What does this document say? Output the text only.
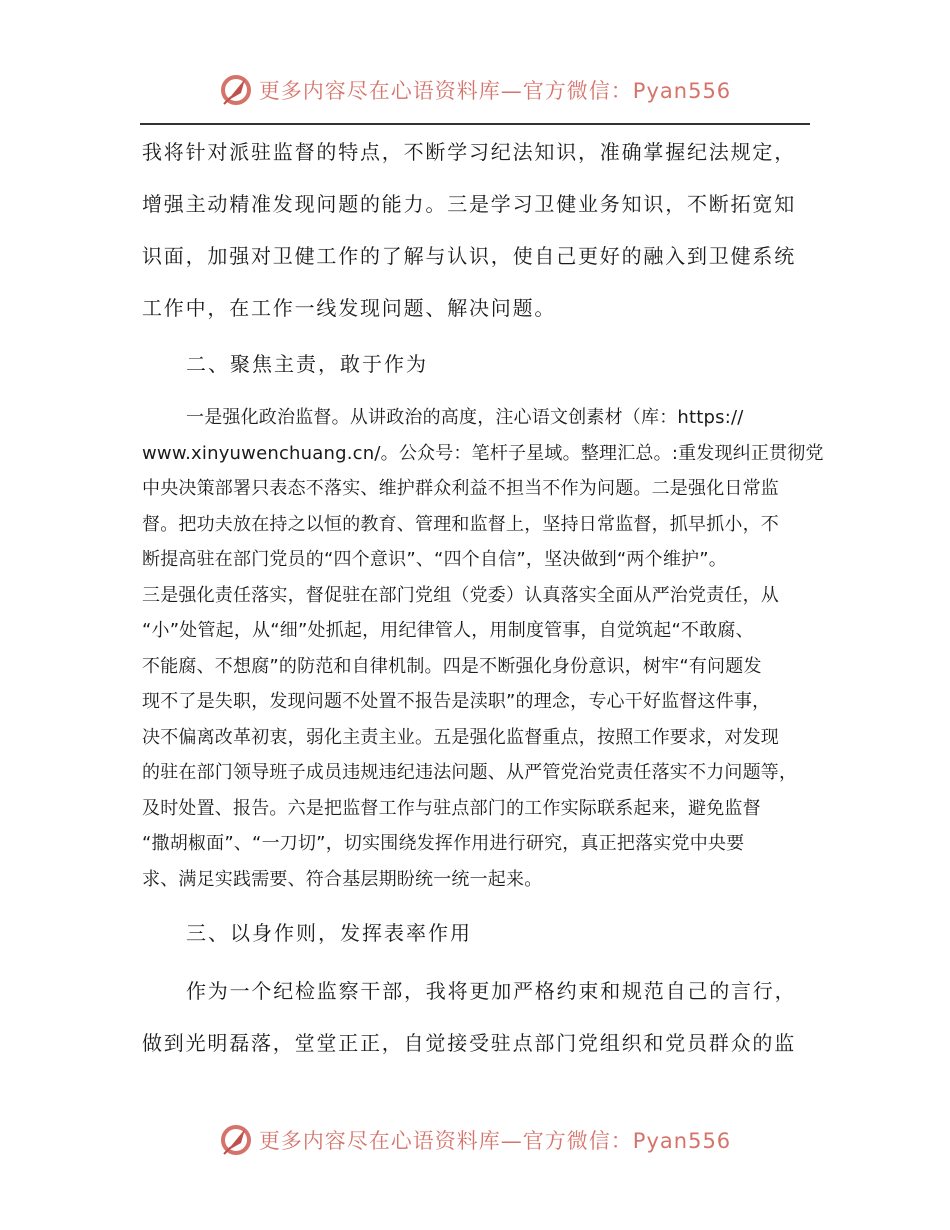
更多内容尽在心语资料库—官方微信：Pyan556
我将针对派驻监督的特点，不断学习纪法知识，准确掌握纪法规定，
增强主动精准发现问题的能力。三是学习卫健业务知识，不断拓宽知
识面，加强对卫健工作的了解与认识，使自己更好的融入到卫健系统
工作中，在工作一线发现问题、解决问题。
二、聚焦主责，敢于作为
一是强化政治监督。从讲政治的高度，注心语文创素材（库：https://
www.xinyuwenchuang.cn/。公众号：笔杆子星域。整理汇总。:重发现纠正贯彻党
中央决策部署只表态不落实、维护群众利益不担当不作为问题。二是强化日常监
督。把功夫放在持之以恒的教育、管理和监督上，坚持日常监督，抓早抓小，不
断提高驻在部门党员的“四个意识”、“四个自信”，坚决做到“两个维护”。
三是强化责任落实，督促驻在部门党组（党委）认真落实全面从严治党责任，从
“小”处管起，从“细”处抓起，用纪律管人，用制度管事，自觉筑起“不敢腐、
不能腐、不想腐”的防范和自律机制。四是不断强化身份意识，树牢“有问题发
现不了是失职，发现问题不处置不报告是渎职”的理念，专心干好监督这件事，
决不偏离改革初衷，弱化主责主业。五是强化监督重点，按照工作要求，对发现
的驻在部门领导班子成员违规违纪违法问题、从严管党治党责任落实不力问题等，
及时处置、报告。六是把监督工作与驻点部门的工作实际联系起来，避免监督
“撒胡椒面”、“一刀切”，切实围绕发挥作用进行研究，真正把落实党中央要
求、满足实践需要、符合基层期盼统一统一起来。
三、以身作则，发挥表率作用
作为一个纪检监察干部，我将更加严格约束和规范自己的言行，
做到光明磊落，堂堂正正，自觉接受驻点部门党组织和党员群众的监
更多内容尽在心语资料库—官方微信：Pyan556
